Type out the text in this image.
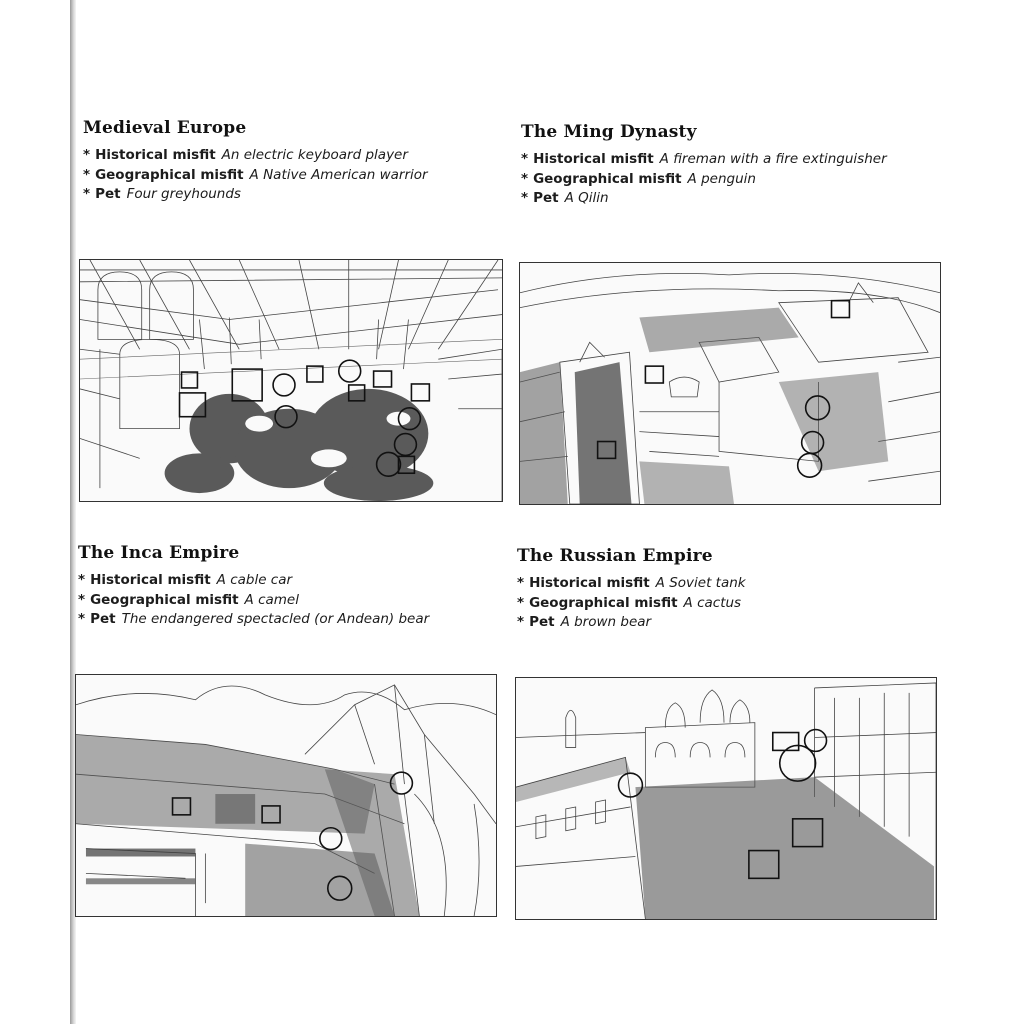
Medieval Europe
* Historical misfit An electric keyboard player
* Geographical misfit A Native American warrior
* Pet Four greyhounds
The Ming Dynasty
* Historical misfit A fireman with a fire extinguisher
* Geographical misfit A penguin
* Pet A Qilin
The Inca Empire
* Historical misfit A cable car
* Geographical misfit A camel
* Pet The endangered spectacled (or Andean) bear
The Russian Empire
* Historical misfit A Soviet tank
* Geographical misfit A cactus
* Pet A brown bear
